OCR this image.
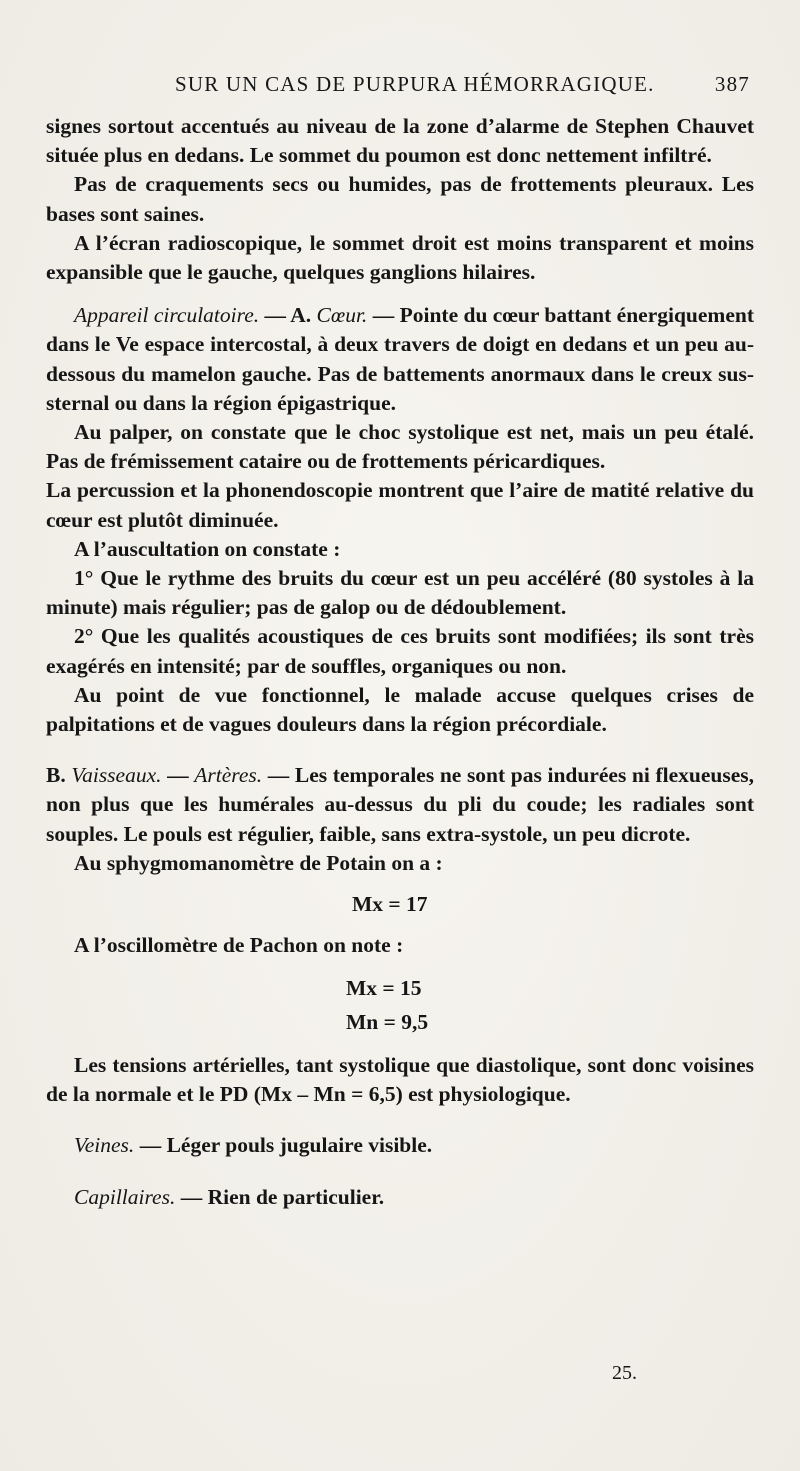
SUR UN CAS DE PURPURA HÉMORRAGIQUE.	387

signes sortout accentués au niveau de la zone d’alarme de Stephen Chauvet située plus en dedans. Le sommet du poumon est donc nettement infiltré.

Pas de craquements secs ou humides, pas de frottements pleuraux. Les bases sont saines.

A l’écran radioscopique, le sommet droit est moins transparent et moins expansible que le gauche, quelques ganglions hilaires.

Appareil circulatoire. — A. Cœur. — Pointe du cœur battant énergiquement dans le Ve espace intercostal, à deux travers de doigt en dedans et un peu au-dessous du mamelon gauche. Pas de battements anormaux dans le creux sus-sternal ou dans la région épigastrique.

Au palper, on constate que le choc systolique est net, mais un peu étalé. Pas de frémissement cataire ou de frottements péricardiques.

La percussion et la phonendoscopie montrent que l’aire de matité relative du cœur est plutôt diminuée.

A l’auscultation on constate :

1° Que le rythme des bruits du cœur est un peu accéléré (80 systoles à la minute) mais régulier; pas de galop ou de dédoublement.

2° Que les qualités acoustiques de ces bruits sont modifiées; ils sont très exagérés en intensité; par de souffles, organiques ou non.

Au point de vue fonctionnel, le malade accuse quelques crises de palpitations et de vagues douleurs dans la région précordiale.

B. Vaisseaux. — Artères. — Les temporales ne sont pas indurées ni flexueuses, non plus que les humérales au-dessus du pli du coude; les radiales sont souples. Le pouls est régulier, faible, sans extra-systole, un peu dicrote.

Au sphygmomanomètre de Potain on a :

Mx = 17

A l’oscillomètre de Pachon on note :

Mx = 15

Mn = 9,5

Les tensions artérielles, tant systolique que diastolique, sont donc voisines de la normale et le PD (Mx – Mn = 6,5) est physiologique.

Veines. — Léger pouls jugulaire visible.

Capillaires. — Rien de particulier.

25.
